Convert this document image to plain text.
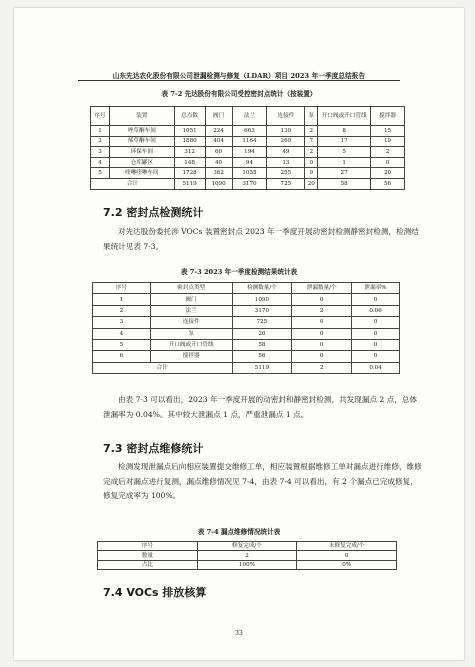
山东先达农化股份有限公司泄漏检测与修复（LDAR）项目 2023 年一季度总结报告
表 7-2 先达股份有限公司受控密封点统计（按装置）
序号	装置	总点数	阀门	法兰	连接件	泵	开口阀或开口管线	搅拌器
1	唑草酮车间	1051	224	663	139	2	8	15
2	烯草酮车间	1880	404	1164	269	7	17	19
3	环保车间	312	60	194	49	2	5	2
4	仓库罐区	148	40	94	13	0	1	0
5	喹啉喹啉车间	1728	362	1055	255	9	27	20
合计		5119	1090	3170	725	20	58	56
7.2 密封点检测统计
对先达股份委托涉 VOCs 装置密封点 2023 年一季度开展动密封检测静密封检测，检测结果统计见表 7-3。
表 7-3 2023 年一季度检测结果统计表
序号	密封点类型	检测数量/个	泄漏数量/个	泄漏率%
1	阀门	1090	0	0
2	法兰	3170	2	0.06
3	连接件	725	0	0
4	泵	20	0	0
5	开口阀或开口管线	58	0	0
6	搅拌器	56	0	0
合计		5119	2	0.04
由表 7-3 可以看出，2023 年一季度开展的动密封和静密封检测，共发现漏点 2 点，总体泄漏率为 0.04%。其中较大泄漏点 1 点，严重泄漏点 1 点。
7.3 密封点维修统计
检测发现泄漏点后向相应装置提交维修工单，相应装置根据维修工单对漏点进行维修，维修完成后对漏点进行复测，漏点维修情况见 7-4，由表 7-4 可以看出，有 2 个漏点已完成修复，修复完成率为 100%。
表 7-4 漏点维修情况统计表
序号	修复完成/个	未修复完成/个
数量	2	0
占比	100%	0%
7.4 VOCs 排放核算
33
